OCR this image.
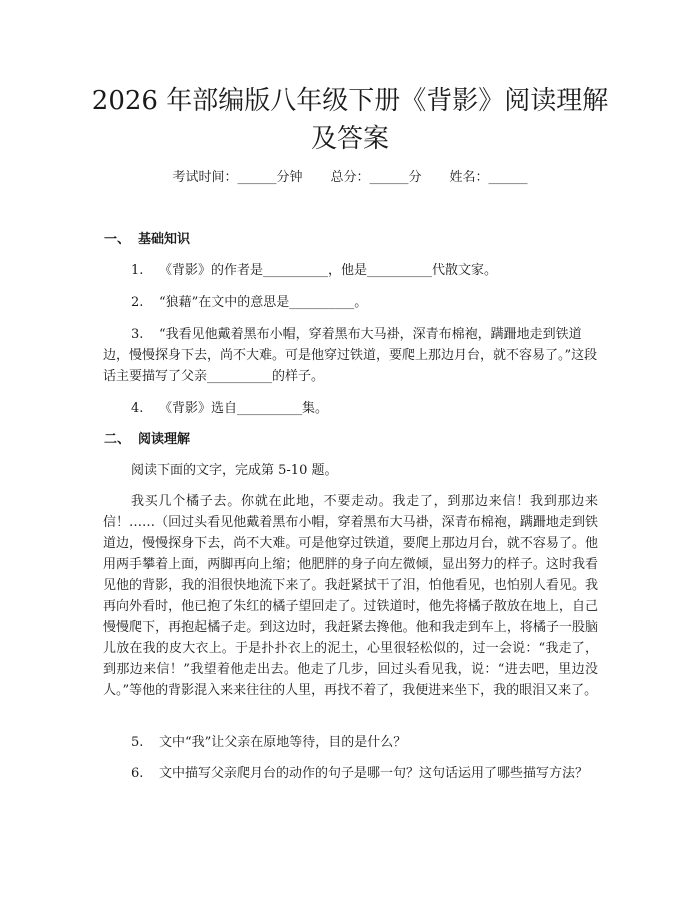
2026 年部编版八年级下册《背影》阅读理解
及答案
考试时间：______分钟 总分：______分 姓名：______
一、 基础知识

1. 《背影》的作者是__________，他是__________代散文家。

2. “狼藉”在文中的意思是__________。

3. “我看见他戴着黑布小帽，穿着黑布大马褂，深青布棉袍，蹒跚地走到铁道边，慢慢探身下去，尚不大难。可是他穿过铁道，要爬上那边月台，就不容易了。”这段话主要描写了父亲__________的样子。

4. 《背影》选自__________集。

二、 阅读理解

阅读下面的文字，完成第 5-10 题。

我买几个橘子去。你就在此地，不要走动。我走了，到那边来信！我到那边来信！……（回过头看见他戴着黑布小帽，穿着黑布大马褂，深青布棉袍，蹒跚地走到铁道边，慢慢探身下去，尚不大难。可是他穿过铁道，要爬上那边月台，就不容易了。他用两手攀着上面，两脚再向上缩；他肥胖的身子向左微倾，显出努力的样子。这时我看见他的背影，我的泪很快地流下来了。我赶紧拭干了泪，怕他看见，也怕别人看见。我再向外看时，他已抱了朱红的橘子望回走了。过铁道时，他先将橘子散放在地上，自己慢慢爬下，再抱起橘子走。到这边时，我赶紧去搀他。他和我走到车上，将橘子一股脑儿放在我的皮大衣上。于是扑扑衣上的泥土，心里很轻松似的，过一会说：“我走了，到那边来信！”我望着他走出去。他走了几步，回过头看见我，说：“进去吧，里边没人。”等他的背影混入来来往往的人里，再找不着了，我便进来坐下，我的眼泪又来了。

5. 文中“我”让父亲在原地等待，目的是什么？

6. 文中描写父亲爬月台的动作的句子是哪一句？这句话运用了哪些描写方法？
